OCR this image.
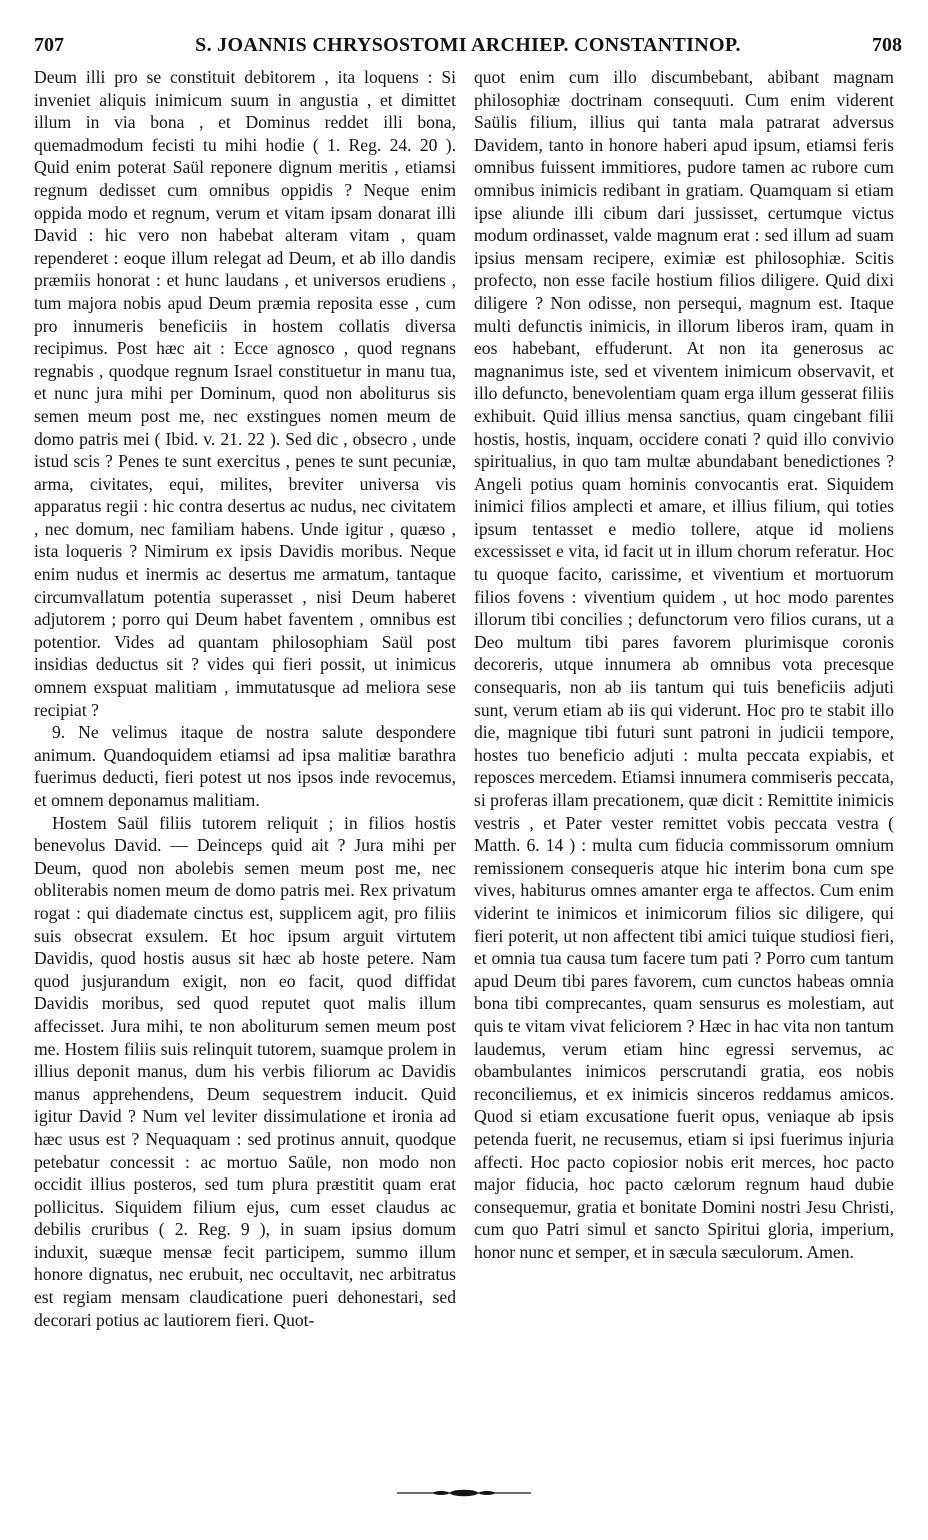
707	S. JOANNIS CHRYSOSTOMI ARCHIEP. CONSTANTINOP.	708

Deum illi pro se constituit debitorem , ita loquens : Si inveniet aliquis inimicum suum in angustia , et dimittet illum in via bona , et Dominus reddet illi bona, quemadmodum fecisti tu mihi hodie ( 1. Reg. 24. 20 ). Quid enim poterat Saül reponere dignum meritis , etiamsi regnum dedisset cum omnibus oppidis ? Neque enim oppida modo et regnum, verum et vitam ipsam donarat illi David : hic vero non habebat alteram vitam , quam rependeret : eoque illum relegat ad Deum, et ab illo dandis præmiis honorat : et hunc laudans , et universos erudiens , tum majora nobis apud Deum præmia reposita esse , cum pro innumeris beneficiis in hostem collatis diversa recipimus. Post hæc ait : Ecce agnosco , quod regnans regnabis , quodque regnum Israel constituetur in manu tua, et nunc jura mihi per Dominum, quod non aboliturus sis semen meum post me, nec exstingues nomen meum de domo patris mei ( Ibid. v. 21. 22 ). Sed dic , obsecro , unde istud scis ? Penes te sunt exercitus , penes te sunt pecuniæ, arma, civitates, equi, milites, breviter universa vis apparatus regii : hic contra desertus ac nudus, nec civitatem , nec domum, nec familiam habens. Unde igitur , quæso , ista loqueris ? Nimirum ex ipsis Davidis moribus. Neque enim nudus et inermis ac desertus me armatum, tantaque circumvallatum potentia superasset , nisi Deum haberet adjutorem ; porro qui Deum habet faventem , omnibus est potentior. Vides ad quantam philosophiam Saül post insidias deductus sit ? vides qui fieri possit, ut inimicus omnem exspuat malitiam , immutatusque ad meliora sese recipiat ?

9. Ne velimus itaque de nostra salute despondere animum. Quandoquidem etiamsi ad ipsa malitiæ barathra fuerimus deducti, fieri potest ut nos ipsos inde revocemus, et omnem deponamus malitiam.

Hostem Saül filiis tutorem reliquit ; in filios hostis benevolus David. — Deinceps quid ait ? Jura mihi per Deum, quod non abolebis semen meum post me, nec obliterabis nomen meum de domo patris mei. Rex privatum rogat : qui diademate cinctus est, supplicem agit, pro filiis suis obsecrat exsulem. Et hoc ipsum arguit virtutem Davidis, quod hostis ausus sit hæc ab hoste petere. Nam quod jusjurandum exigit, non eo facit, quod diffidat Davidis moribus, sed quod reputet quot malis illum affecisset. Jura mihi, te non aboliturum semen meum post me. Hostem filiis suis relinquit tutorem, suamque prolem in illius deponit manus, dum his verbis filiorum ac Davidis manus apprehendens, Deum sequestrem inducit. Quid igitur David ? Num vel leviter dissimulatione et ironia ad hæc usus est ? Nequaquam : sed protinus annuit, quodque petebatur concessit : ac mortuo Saüle, non modo non occidit illius posteros, sed tum plura præstitit quam erat pollicitus. Siquidem filium ejus, cum esset claudus ac debilis cruribus ( 2. Reg. 9 ), in suam ipsius domum induxit, suæque mensæ fecit participem, summo illum honore dignatus, nec erubuit, nec occultavit, nec arbitratus est regiam mensam claudicatione pueri dehonestari, sed decorari potius ac lautiorem fieri. Quot-

quot enim cum illo discumbebant, abibant magnam philosophiæ doctrinam consequuti. Cum enim viderent Saülis filium, illius qui tanta mala patrarat adversus Davidem, tanto in honore haberi apud ipsum, etiamsi feris omnibus fuissent immitiores, pudore tamen ac rubore cum omnibus inimicis redibant in gratiam. Quamquam si etiam ipse aliunde illi cibum dari jussisset, certumque victus modum ordinasset, valde magnum erat : sed illum ad suam ipsius mensam recipere, eximiæ est philosophiæ. Scitis profecto, non esse facile hostium filios diligere. Quid dixi diligere ? Non odisse, non persequi, magnum est. Itaque multi defunctis inimicis, in illorum liberos iram, quam in eos habebant, effuderunt. At non ita generosus ac magnanimus iste, sed et viventem inimicum observavit, et illo defuncto, benevolentiam quam erga illum gesserat filiis exhibuit. Quid illius mensa sanctius, quam cingebant filii hostis, hostis, inquam, occidere conati ? quid illo convivio spiritualius, in quo tam multæ abundabant benedictiones ? Angeli potius quam hominis convocantis erat. Siquidem inimici filios amplecti et amare, et illius filium, qui toties ipsum tentasset e medio tollere, atque id moliens excessisset e vita, id facit ut in illum chorum referatur. Hoc tu quoque facito, carissime, et viventium et mortuorum filios fovens : viventium quidem , ut hoc modo parentes illorum tibi concilies ; defunctorum vero filios curans, ut a Deo multum tibi pares favorem plurimisque coronis decoreris, utque innumera ab omnibus vota precesque consequaris, non ab iis tantum qui tuis beneficiis adjuti sunt, verum etiam ab iis qui viderunt. Hoc pro te stabit illo die, magnique tibi futuri sunt patroni in judicii tempore, hostes tuo beneficio adjuti : multa peccata expiabis, et reposces mercedem. Etiamsi innumera commiseris peccata, si proferas illam precationem, quæ dicit : Remittite inimicis vestris , et Pater vester remittet vobis peccata vestra ( Matth. 6. 14 ) : multa cum fiducia commissorum omnium remissionem consequeris atque hic interim bona cum spe vives, habiturus omnes amanter erga te affectos. Cum enim viderint te inimicos et inimicorum filios sic diligere, qui fieri poterit, ut non affectent tibi amici tuique studiosi fieri, et omnia tua causa tum facere tum pati ? Porro cum tantum apud Deum tibi pares favorem, cum cunctos habeas omnia bona tibi comprecantes, quam sensurus es molestiam, aut quis te vitam vivat feliciorem ? Hæc in hac vita non tantum laudemus, verum etiam hinc egressi servemus, ac obambulantes inimicos perscrutandi gratia, eos nobis reconciliemus, et ex inimicis sinceros reddamus amicos. Quod si etiam excusatione fuerit opus, veniaque ab ipsis petenda fuerit, ne recusemus, etiam si ipsi fuerimus injuria affecti. Hoc pacto copiosior nobis erit merces, hoc pacto major fiducia, hoc pacto cælorum regnum haud dubie consequemur, gratia et bonitate Domini nostri Jesu Christi, cum quo Patri simul et sancto Spiritui gloria, imperium, honor nunc et semper, et in sæcula sæculorum. Amen.
